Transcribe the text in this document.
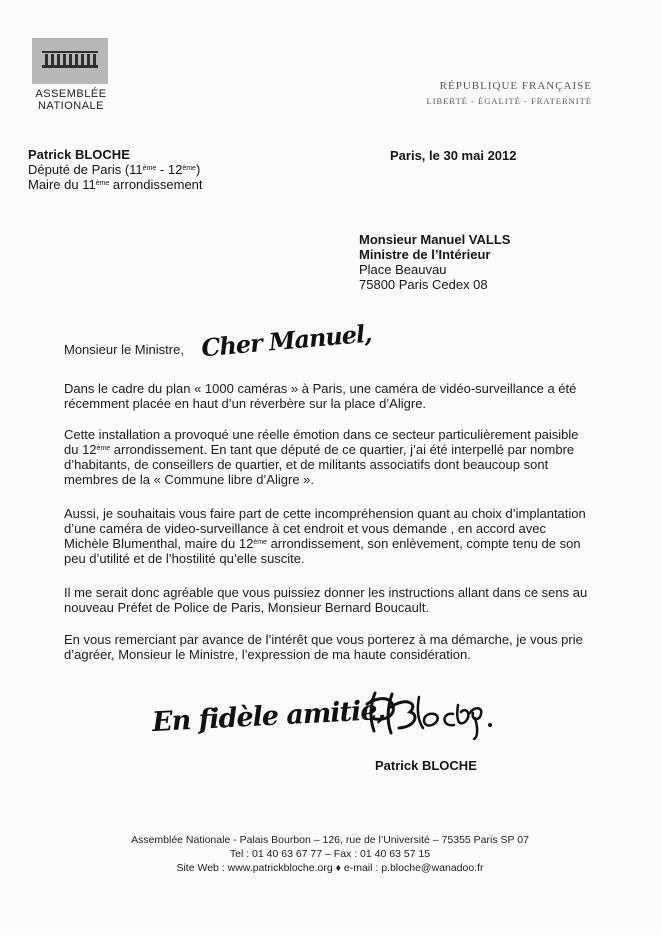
ASSEMBLÉE
NATIONALE
RÉPUBLIQUE FRANÇAISE
LIBERTÉ - ÉGALITÉ - FRATERNITÉ
Patrick BLOCHE
Député de Paris (11ème - 12ème)
Maire du 11ème arrondissement
Paris, le 30 mai 2012
Monsieur Manuel VALLS
Ministre de l’Intérieur
Place Beauvau
75800 Paris Cedex 08
Monsieur le Ministre, Cher Manuel,

Dans le cadre du plan « 1000 caméras » à Paris, une caméra de vidéo-surveillance a été récemment placée en haut d’un réverbère sur la place d’Aligre.

Cette installation a provoqué une réelle émotion dans ce secteur particulièrement paisible du 12ème arrondissement. En tant que député de ce quartier, j’ai été interpellé par nombre d’habitants, de conseillers de quartier, et de militants associatifs dont beaucoup sont membres de la « Commune libre d’Aligre ».

Aussi, je souhaitais vous faire part de cette incompréhension quant au choix d’implantation d’une caméra de video-surveillance à cet endroit et vous demande , en accord avec Michèle Blumenthal, maire du 12ème arrondissement, son enlèvement, compte tenu de son peu d’utilité et de l’hostilité qu’elle suscite.

Il me serait donc agréable que vous puissiez donner les instructions allant dans ce sens au nouveau Préfet de Police de Paris, Monsieur Bernard Boucault.

En vous remerciant par avance de l’intérêt que vous porterez à ma démarche, je vous prie d’agréer, Monsieur le Ministre, l’expression de ma haute considération.

En fidèle amitié,
Patrick BLOCHE
Assemblée Nationale - Palais Bourbon – 126, rue de l’Université – 75355 Paris SP 07
Tel : 01 40 63 67 77 – Fax : 01 40 63 57 15
Site Web : www.patrickbloche.org ♦ e-mail : p.bloche@wanadoo.fr
